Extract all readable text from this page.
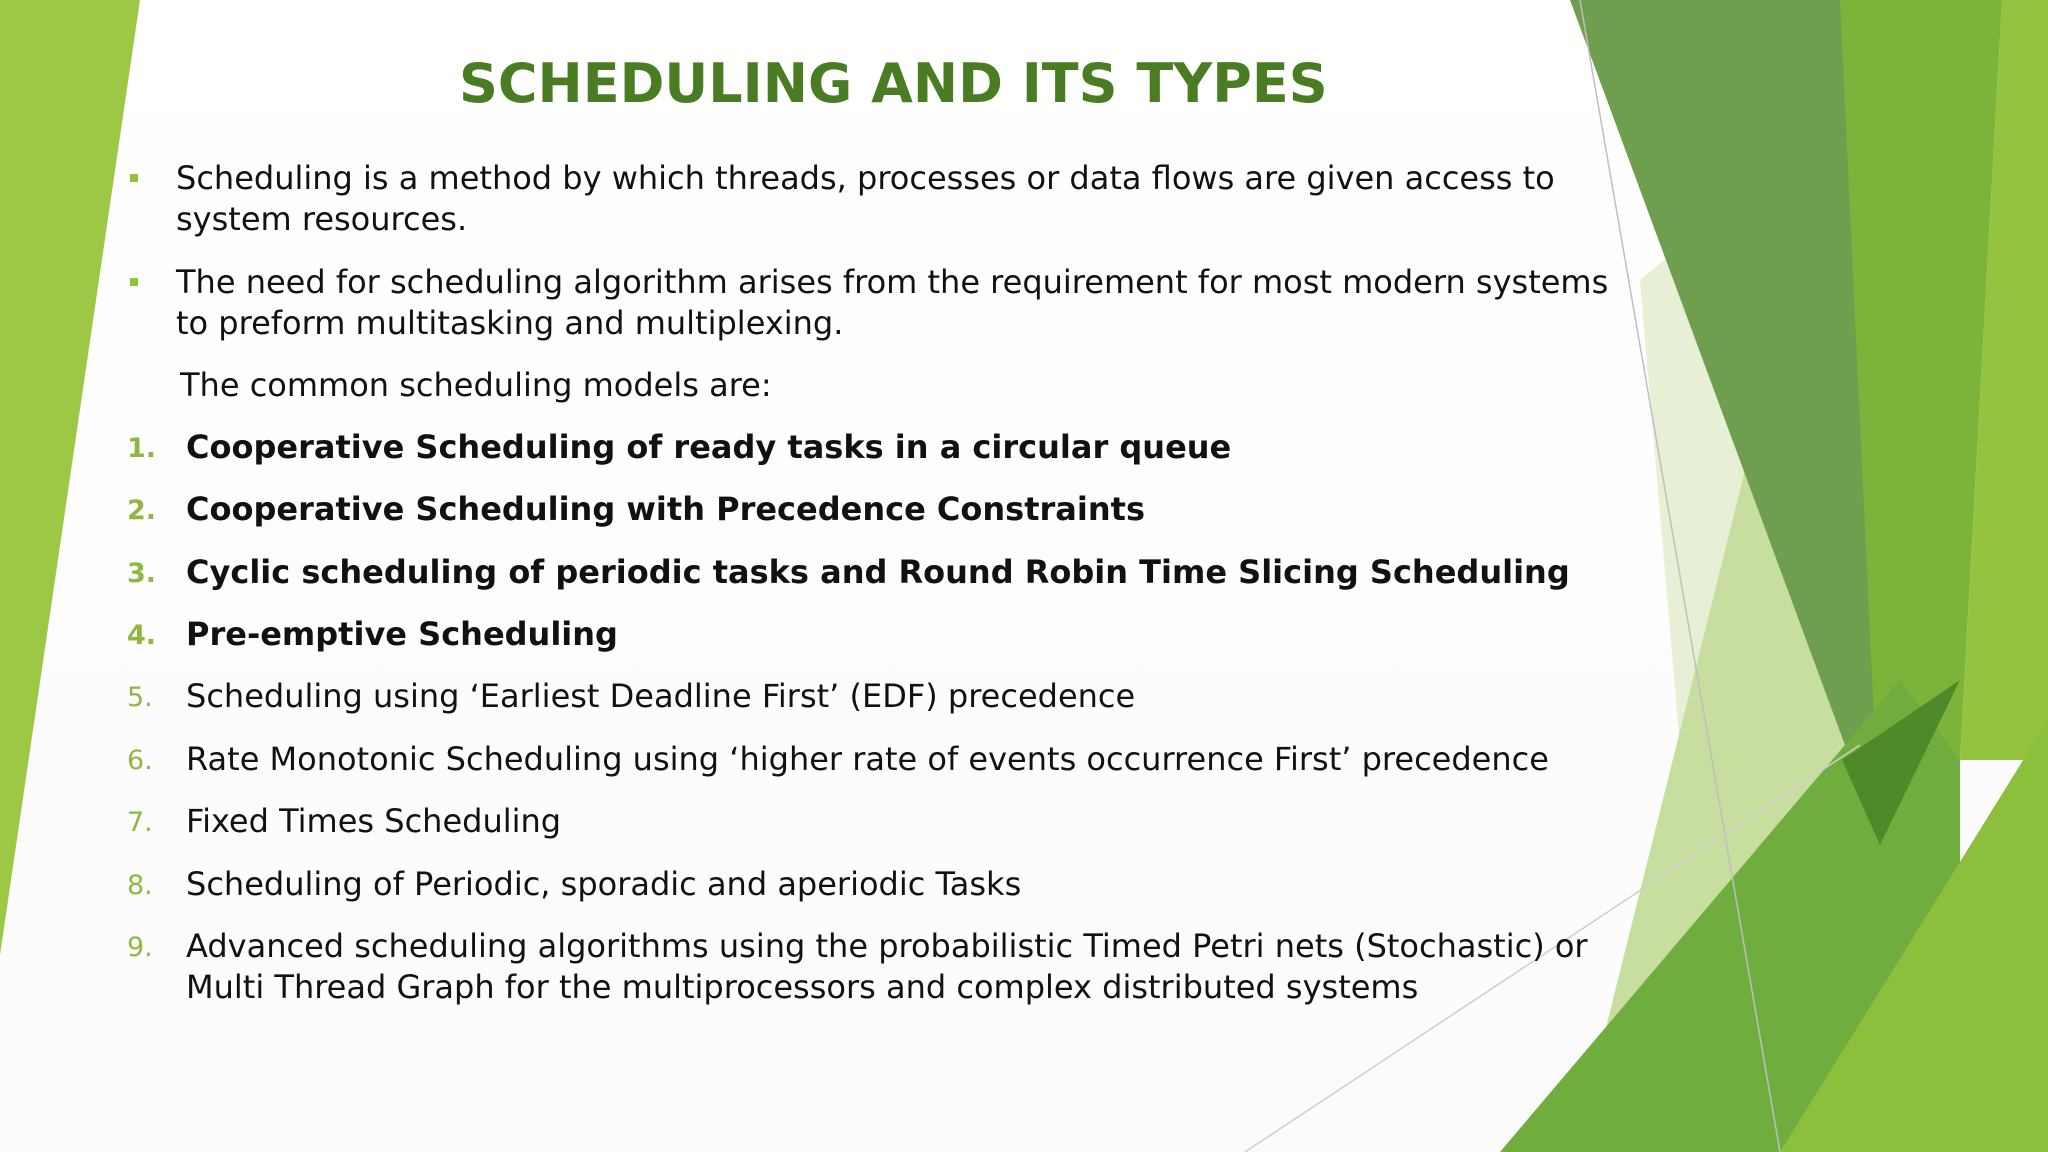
SCHEDULING AND ITS TYPES

Scheduling is a method by which threads, processes or data flows are given access to system resources.

The need for scheduling algorithm arises from the requirement for most modern systems to preform multitasking and multiplexing.

The common scheduling models are:

1. Cooperative Scheduling of ready tasks in a circular queue

2. Cooperative Scheduling with Precedence Constraints

3. Cyclic scheduling of periodic tasks and Round Robin Time Slicing Scheduling

4. Pre-emptive Scheduling

5. Scheduling using ‘Earliest Deadline First’ (EDF) precedence

6. Rate Monotonic Scheduling using ‘higher rate of events occurrence First’ precedence

7. Fixed Times Scheduling

8. Scheduling of Periodic, sporadic and aperiodic Tasks

9. Advanced scheduling algorithms using the probabilistic Timed Petri nets (Stochastic) or Multi Thread Graph for the multiprocessors and complex distributed systems
